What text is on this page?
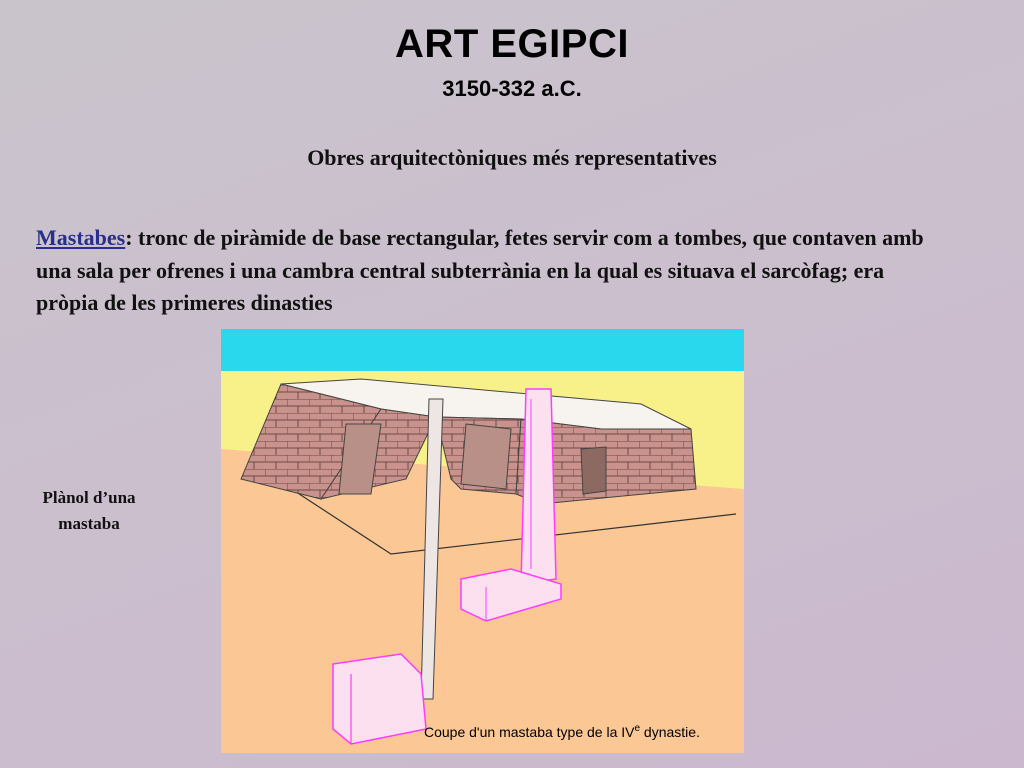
ART EGIPCI
3150-332 a.C.
Obres arquitectòniques més representatives
Mastabes: tronc de piràmide de base rectangular, fetes servir com a tombes, que contaven amb una sala per ofrenes i una cambra central subterrània en la qual es situava el sarcòfag; era pròpia de les primeres dinasties
Plànol d’una mastaba
Coupe d'un mastaba type de la IVe dynastie.
